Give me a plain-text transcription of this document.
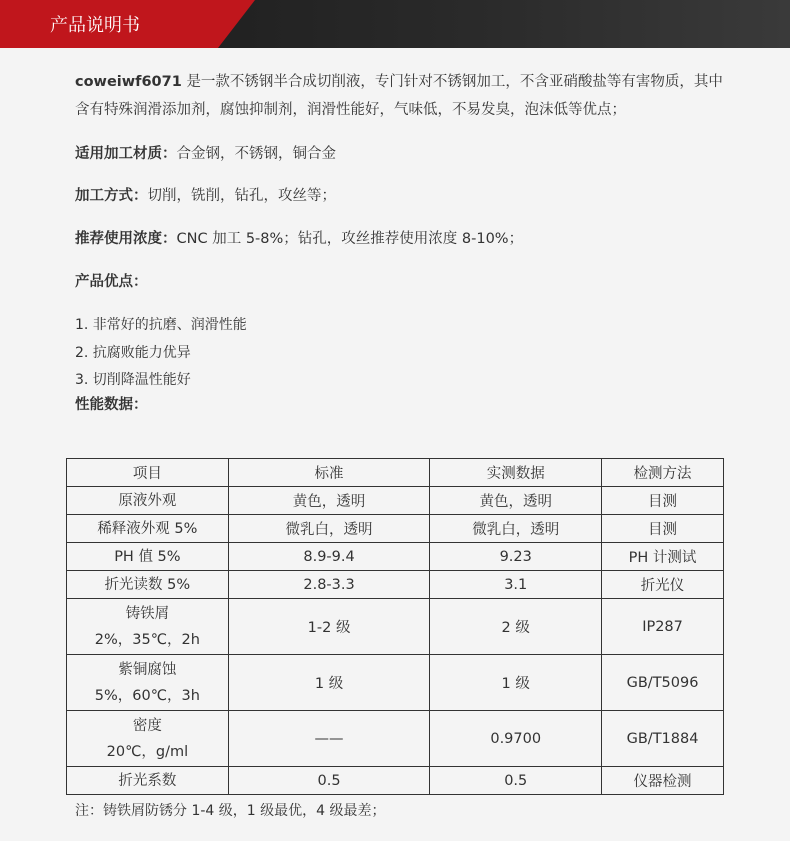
产品说明书

coweiwf6071 是一款不锈钢半合成切削液，专门针对不锈钢加工，不含亚硝酸盐等有害物质，其中含有特殊润滑添加剂，腐蚀抑制剂，润滑性能好，气味低，不易发臭，泡沫低等优点；

适用加工材质：合金钢，不锈钢，铜合金

加工方式：切削，铣削，钻孔，攻丝等；

推荐使用浓度：CNC 加工 5-8%；钻孔，攻丝推荐使用浓度 8-10%；

产品优点：

1. 非常好的抗磨、润滑性能
2. 抗腐败能力优异
3. 切削降温性能好

性能数据：

项目	标准	实测数据	检测方法

原液外观	黄色，透明	黄色，透明	目测

稀释液外观 5%	微乳白，透明	微乳白，透明	目测

PH 值 5%	8.9-9.4	9.23	PH 计测试

折光读数 5%	2.8-3.3	3.1	折光仪

铸铁屑
2%，35℃，2h	1-2 级	2 级	IP287

紫铜腐蚀
5%，60℃，3h	1 级	1 级	GB/T5096

密度
20℃，g/ml	——	0.9700	GB/T1884

折光系数	0.5	0.5	仪器检测
注：铸铁屑防锈分 1-4 级，1 级最优，4 级最差；
